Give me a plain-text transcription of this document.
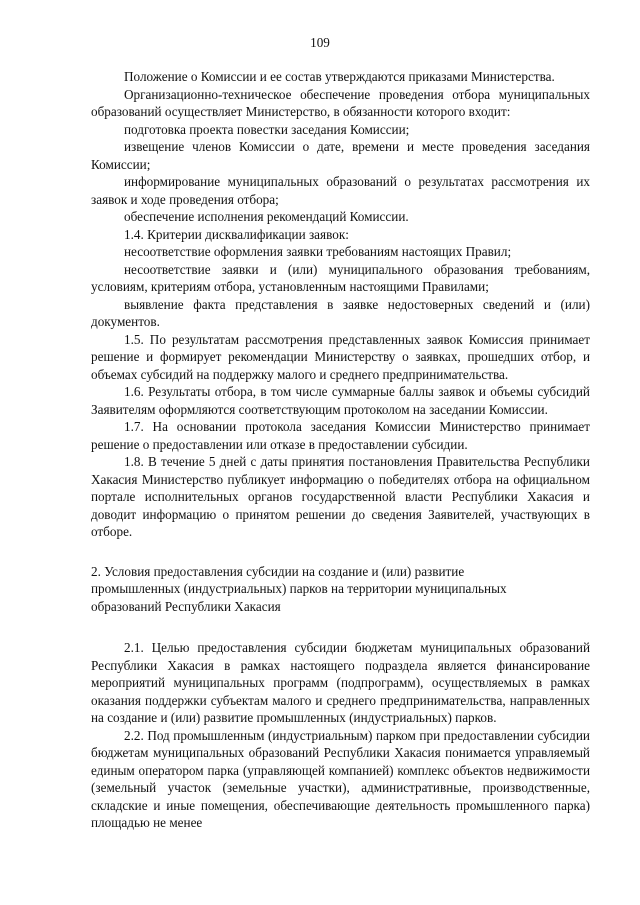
109

Положение о Комиссии и ее состав утверждаются приказами Министерства.

Организационно-техническое обеспечение проведения отбора муниципальных образований осуществляет Министерство, в обязанности которого входит:

подготовка проекта повестки заседания Комиссии;

извещение членов Комиссии о дате, времени и месте проведения заседания Комиссии;

информирование муниципальных образований о результатах рассмотрения их заявок и ходе проведения отбора;

обеспечение исполнения рекомендаций Комиссии.

1.4. Критерии дисквалификации заявок:

несоответствие оформления заявки требованиям настоящих Правил;

несоответствие заявки и (или) муниципального образования требованиям, условиям, критериям отбора, установленным настоящими Правилами;

выявление факта представления в заявке недостоверных сведений и (или) документов.

1.5. По результатам рассмотрения представленных заявок Комиссия принимает решение и формирует рекомендации Министерству о заявках, прошедших отбор, и объемах субсидий на поддержку малого и среднего предпринимательства.

1.6. Результаты отбора, в том числе суммарные баллы заявок и объемы субсидий Заявителям оформляются соответствующим протоколом на заседании Комиссии.

1.7. На основании протокола заседания Комиссии Министерство принимает решение о предоставлении или отказе в предоставлении субсидии.

1.8. В течение 5 дней с даты принятия постановления Правительства Республики Хакасия Министерство публикует информацию о победителях отбора на официальном портале исполнительных органов государственной власти Республики Хакасия и доводит информацию о принятом решении до сведения Заявителей, участвующих в отборе.

2. Условия предоставления субсидии на создание и (или) развитие
промышленных (индустриальных) парков на территории муниципальных
образований Республики Хакасия

2.1. Целью предоставления субсидии бюджетам муниципальных образований Республики Хакасия в рамках настоящего подраздела является финансирование мероприятий муниципальных программ (подпрограмм), осуществляемых в рамках оказания поддержки субъектам малого и среднего предпринимательства, направленных на создание и (или) развитие промышленных (индустриальных) парков.

2.2. Под промышленным (индустриальным) парком при предоставлении субсидии бюджетам муниципальных образований Республики Хакасия понимается управляемый единым оператором парка (управляющей компанией) комплекс объектов недвижимости (земельный участок (земельные участки), административные, производственные, складские и иные помещения, обеспечивающие деятельность промышленного парка) площадью не менее
